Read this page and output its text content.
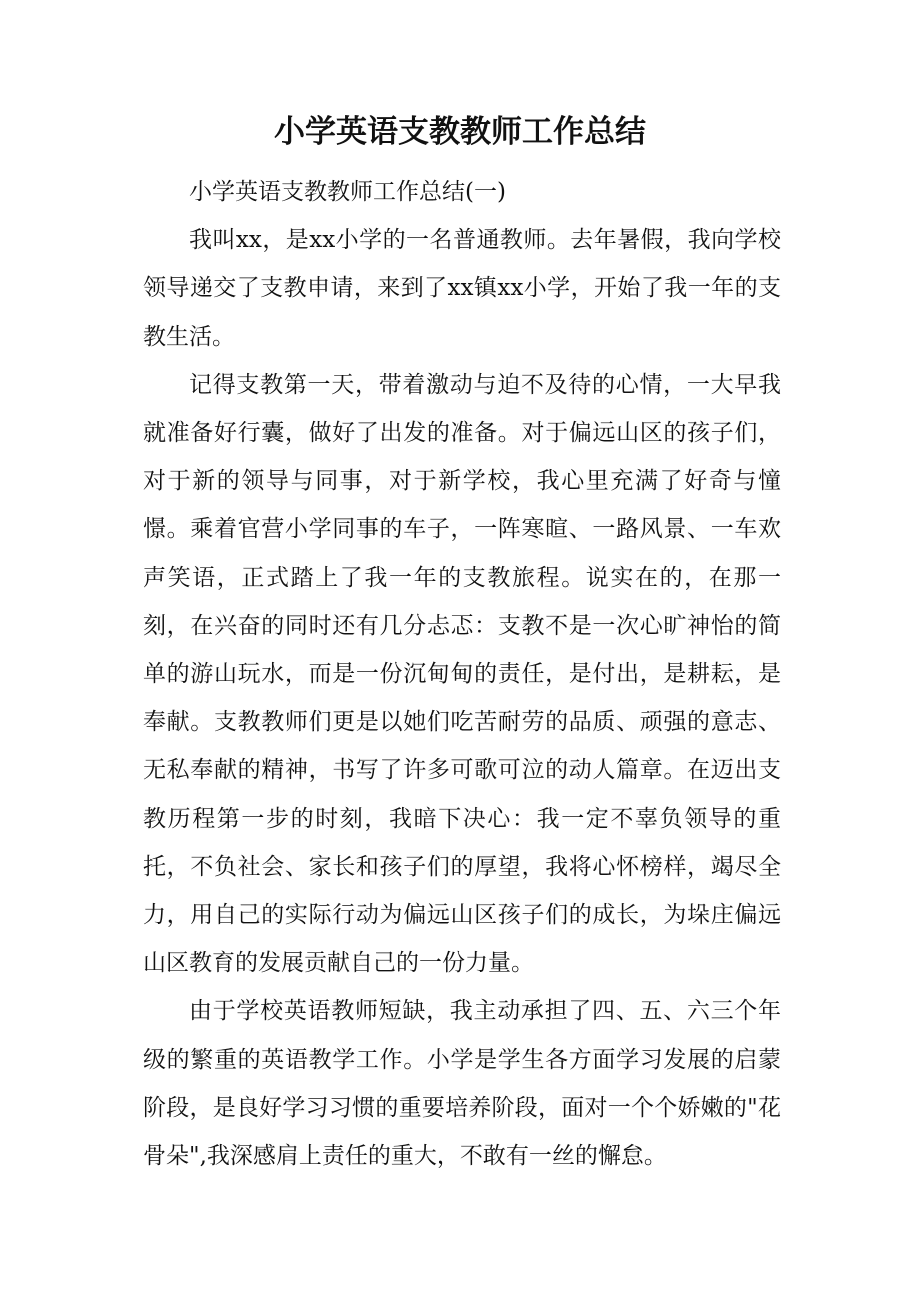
小学英语支教教师工作总结

小学英语支教教师工作总结(一)

我叫xx，是xx小学的一名普通教师。去年暑假，我向学校领导递交了支教申请，来到了xx镇xx小学，开始了我一年的支教生活。

记得支教第一天，带着激动与迫不及待的心情，一大早我就准备好行囊，做好了出发的准备。对于偏远山区的孩子们，对于新的领导与同事，对于新学校，我心里充满了好奇与憧憬。乘着官营小学同事的车子，一阵寒暄、一路风景、一车欢声笑语，正式踏上了我一年的支教旅程。说实在的，在那一刻，在兴奋的同时还有几分忐忑：支教不是一次心旷神怡的简单的游山玩水，而是一份沉甸甸的责任，是付出，是耕耘，是奉献。支教教师们更是以她们吃苦耐劳的品质、顽强的意志、无私奉献的精神，书写了许多可歌可泣的动人篇章。在迈出支教历程第一步的时刻，我暗下决心：我一定不辜负领导的重托，不负社会、家长和孩子们的厚望，我将心怀榜样，竭尽全力，用自己的实际行动为偏远山区孩子们的成长，为垛庄偏远山区教育的发展贡献自己的一份力量。

由于学校英语教师短缺，我主动承担了四、五、六三个年级的繁重的英语教学工作。小学是学生各方面学习发展的启蒙阶段，是良好学习习惯的重要培养阶段，面对一个个娇嫩的"花骨朵",我深感肩上责任的重大，不敢有一丝的懈怠。
